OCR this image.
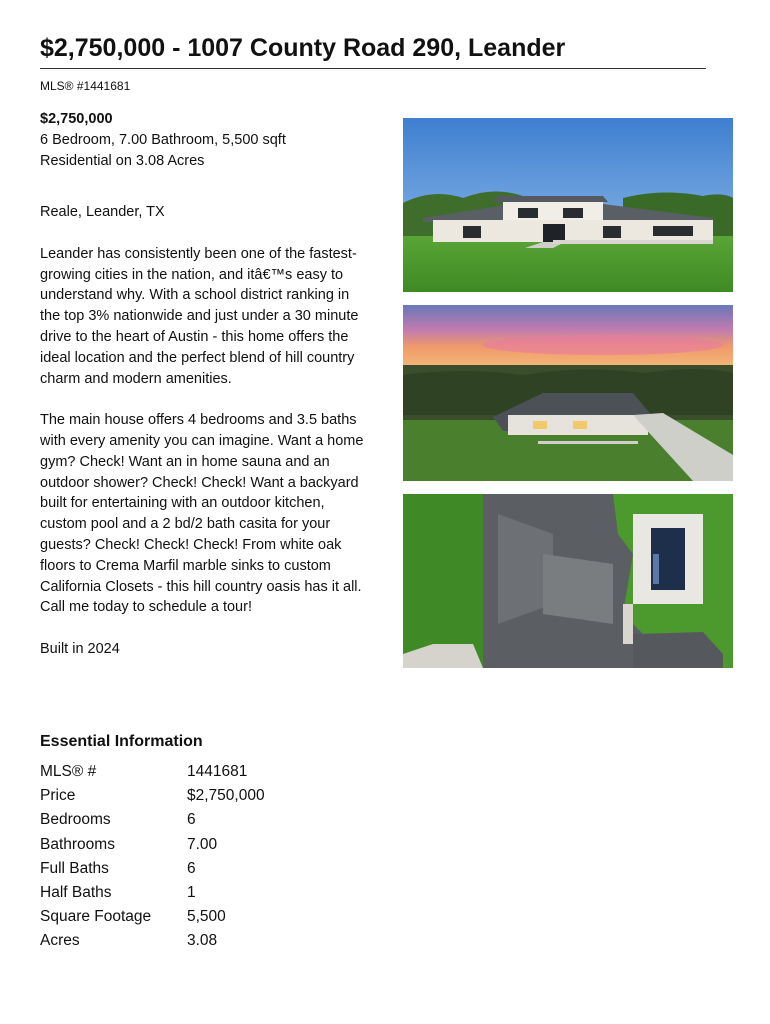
$2,750,000 - 1007 County Road 290, Leander
MLS® #1441681
$2,750,000
6 Bedroom, 7.00 Bathroom, 5,500 sqft
Residential on 3.08 Acres
Reale, Leander, TX

Leander has consistently been one of the fastest-growing cities in the nation, and itâ€™s easy to understand why. With a school district ranking in the top 3% nationwide and just under a 30 minute drive to the heart of Austin - this home offers the ideal location and the perfect blend of hill country charm and modern amenities.

The main house offers 4 bedrooms and 3.5 baths with every amenity you can imagine. Want a home gym? Check! Want an in home sauna and an outdoor shower? Check! Check! Want a backyard built for entertaining with an outdoor kitchen, custom pool and a 2 bd/2 bath casita for your guests? Check! Check! Check! From white oak floors to Crema Marfil marble sinks to custom California Closets - this hill country oasis has it all. Call me today to schedule a tour!

Built in 2024
Essential Information
MLS® #	1441681
Price	$2,750,000
Bedrooms	6
Bathrooms	7.00
Full Baths	6
Half Baths	1
Square Footage	5,500
Acres	3.08
